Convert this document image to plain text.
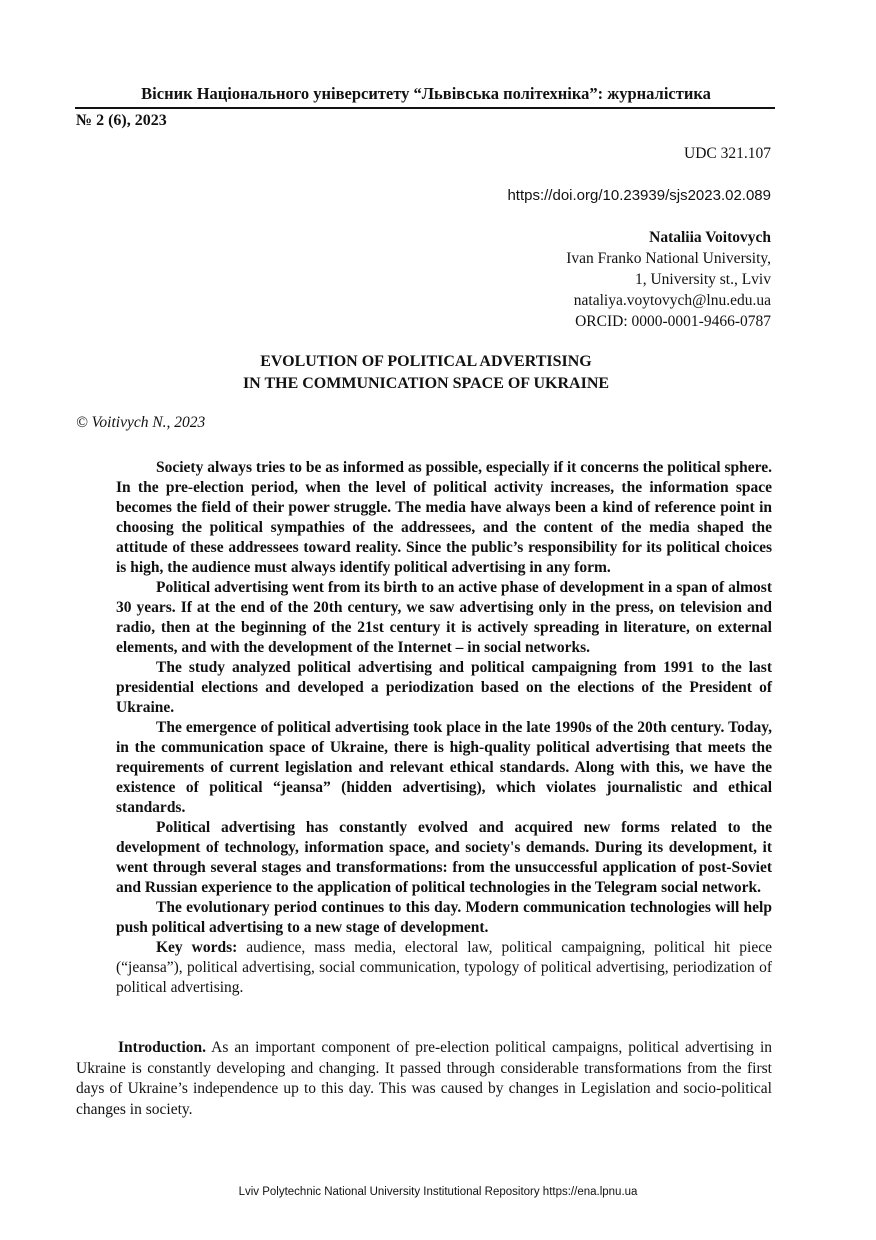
Вісник Національного університету “Львівська політехніка”: журналістика
№ 2 (6), 2023
UDC 321.107
https://doi.org/10.23939/sjs2023.02.089
Nataliia Voitovych
Ivan Franko National University,
1, University st., Lviv
nataliya.voytovych@lnu.edu.ua
ORCID: 0000-0001-9466-0787
EVOLUTION OF POLITICAL ADVERTISING
IN THE COMMUNICATION SPACE OF UKRAINE
© Voitivych N., 2023

Society always tries to be as informed as possible, especially if it concerns the political sphere. In the pre-election period, when the level of political activity increases, the information space becomes the field of their power struggle. The media have always been a kind of reference point in choosing the political sympathies of the addressees, and the content of the media shaped the attitude of these addressees toward reality. Since the public’s responsibility for its political choices is high, the audience must always identify political advertising in any form.

Political advertising went from its birth to an active phase of development in a span of almost 30 years. If at the end of the 20th century, we saw advertising only in the press, on television and radio, then at the beginning of the 21st century it is actively spreading in literature, on external elements, and with the development of the Internet – in social networks.

The study analyzed political advertising and political campaigning from 1991 to the last presidential elections and developed a periodization based on the elections of the President of Ukraine.

The emergence of political advertising took place in the late 1990s of the 20th century. Today, in the communication space of Ukraine, there is high-quality political advertising that meets the requirements of current legislation and relevant ethical standards. Along with this, we have the existence of political “jeansa” (hidden advertising), which violates journalistic and ethical standards.

Political advertising has constantly evolved and acquired new forms related to the development of technology, information space, and society's demands. During its development, it went through several stages and transformations: from the unsuccessful application of post-Soviet and Russian experience to the application of political technologies in the Telegram social network.

The evolutionary period continues to this day. Modern communication technologies will help push political advertising to a new stage of development.

Key words: audience, mass media, electoral law, political campaigning, political hit piece (“jeansa”), political advertising, social communication, typology of political advertising, periodization of political advertising.

Introduction. As an important component of pre-election political campaigns, political advertising in Ukraine is constantly developing and changing. It passed through considerable transformations from the first days of Ukraine’s independence up to this day. This was caused by changes in Legislation and socio-political changes in society.

Lviv Polytechnic National University Institutional Repository https://ena.lpnu.ua
